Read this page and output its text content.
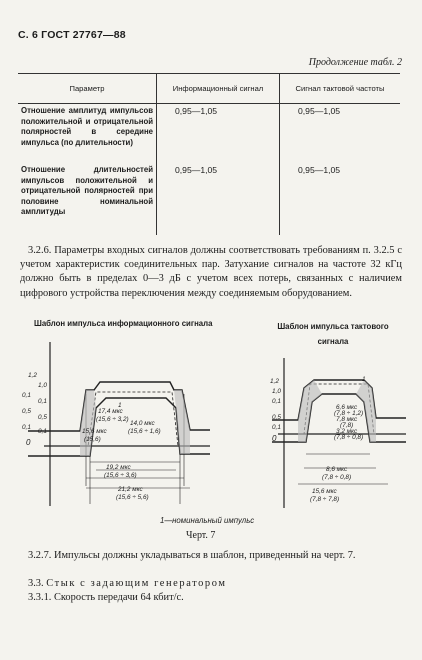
С. 6 ГОСТ 27767—88
Продолжение табл. 2
Параметр	Информационный сигнал	Сигнал тактовой частоты
Отношение амплитуд импульсов положительной и отрицательной полярностей в середине импульса (по длительности)	0,95—1,05	0,95—1,05
Отношение длительностей импульсов положительной и отрицательной полярностей при половине номинальной амплитуды	0,95—1,05	0,95—1,05
3.2.6. Параметры входных сигналов должны соответствовать требованиям п. 3.2.5 с учетом характеристик соединительных пар. Затухание сигналов на частоте 32 кГц должно быть в пределах 0—3 дБ с учетом всех потерь, связанных с наличием цифрового устройства переключения между соединяемым оборудованием.
Шаблон импульса информационного сигнала	Шаблон импульса тактового сигнала
1,2
1,0
0,1
0,1
0,5
0,5
0,1
0,1
0
1
17,4 мкс
(15,6 ÷ 3,2)
15,6 мкс
(15,6)
14,0 мкс
(15,6 ÷ 1,6)
19,2 мкс
(15,6 ÷ 3,6)
21,2 мкс
(15,6 ÷ 5,6)
1,2
1,0
0,1
0,5
0,1
0
1
6,6 мкс
(7,8 ÷ 1,2)
7,8 мкс
(7,8)
3,2 мкс
(7,8 ÷ 0,8)
8,6 мкс
(7,8 ÷ 0,8)
15,6 мкс
(7,8 ÷ 7,8)
1—номинальный импульс
Черт. 7
3.2.7. Импульсы должны укладываться в шаблон, приведенный на черт. 7.
3.3. Стык с задающим генератором
3.3.1. Скорость передачи 64 кбит/с.
